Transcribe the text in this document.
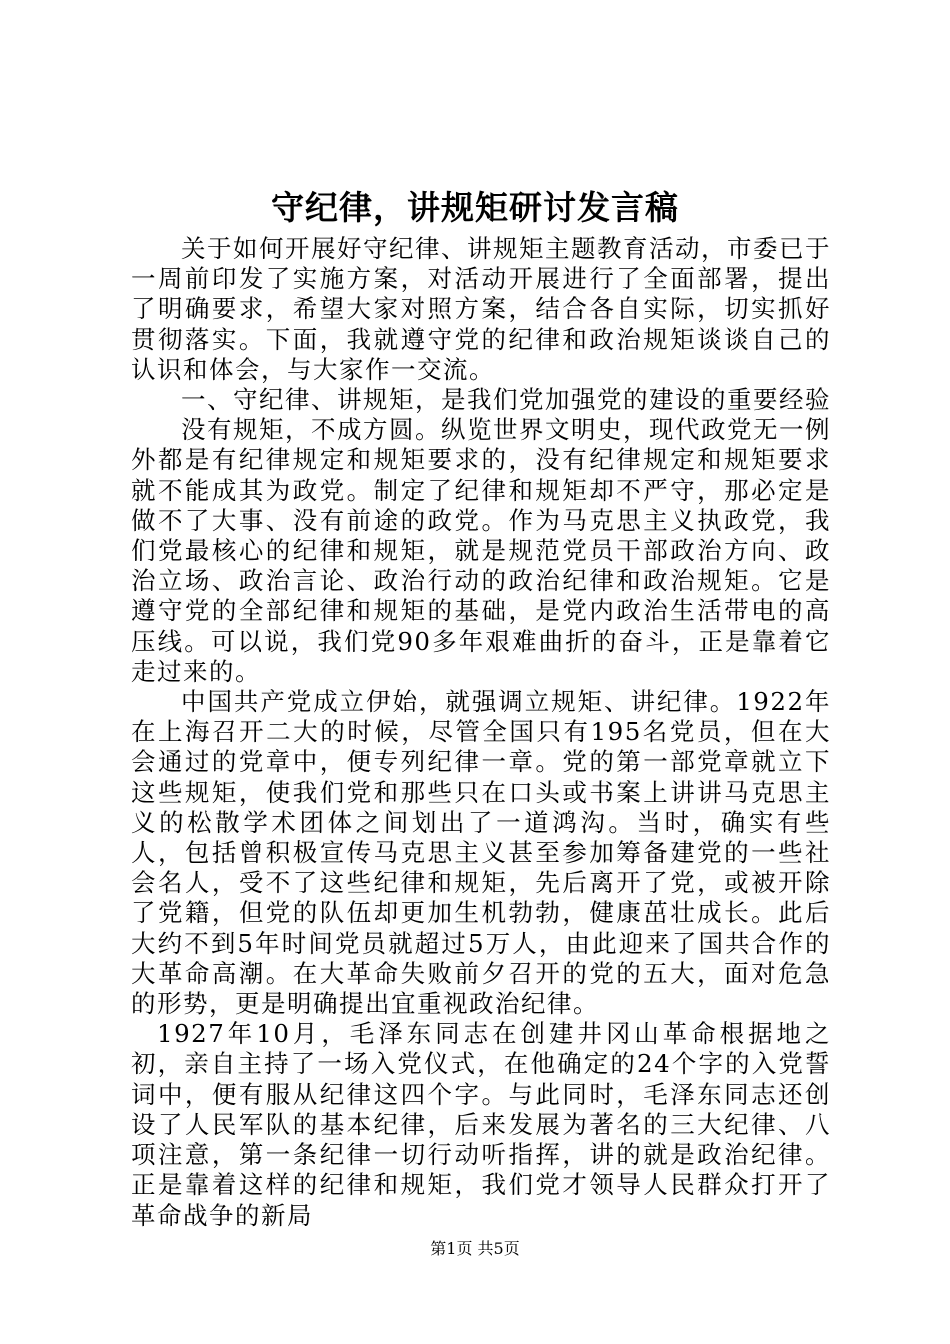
守纪律，讲规矩研讨发言稿

关于如何开展好守纪律、讲规矩主题教育活动，市委已于一周前印发了实施方案，对活动开展进行了全面部署，提出了明确要求，希望大家对照方案，结合各自实际，切实抓好贯彻落实。下面，我就遵守党的纪律和政治规矩谈谈自己的认识和体会，与大家作一交流。

一、守纪律、讲规矩，是我们党加强党的建设的重要经验

没有规矩，不成方圆。纵览世界文明史，现代政党无一例外都是有纪律规定和规矩要求的，没有纪律规定和规矩要求就不能成其为政党。制定了纪律和规矩却不严守，那必定是做不了大事、没有前途的政党。作为马克思主义执政党，我们党最核心的纪律和规矩，就是规范党员干部政治方向、政治立场、政治言论、政治行动的政治纪律和政治规矩。它是遵守党的全部纪律和规矩的基础，是党内政治生活带电的高压线。可以说，我们党90多年艰难曲折的奋斗，正是靠着它走过来的。

中国共产党成立伊始，就强调立规矩、讲纪律。1922年在上海召开二大的时候，尽管全国只有195名党员，但在大会通过的党章中，便专列纪律一章。党的第一部党章就立下这些规矩，使我们党和那些只在口头或书案上讲讲马克思主义的松散学术团体之间划出了一道鸿沟。当时，确实有些人，包括曾积极宣传马克思主义甚至参加筹备建党的一些社会名人，受不了这些纪律和规矩，先后离开了党，或被开除了党籍，但党的队伍却更加生机勃勃，健康茁壮成长。此后大约不到5年时间党员就超过5万人，由此迎来了国共合作的大革命高潮。在大革命失败前夕召开的党的五大，面对危急的形势，更是明确提出宜重视政治纪律。

1927年10月，毛泽东同志在创建井冈山革命根据地之初，亲自主持了一场入党仪式，在他确定的24个字的入党誓词中，便有服从纪律这四个字。与此同时，毛泽东同志还创设了人民军队的基本纪律，后来发展为著名的三大纪律、八项注意，第一条纪律一切行动听指挥，讲的就是政治纪律。正是靠着这样的纪律和规矩，我们党才领导人民群众打开了革命战争的新局

第1页 共5页
